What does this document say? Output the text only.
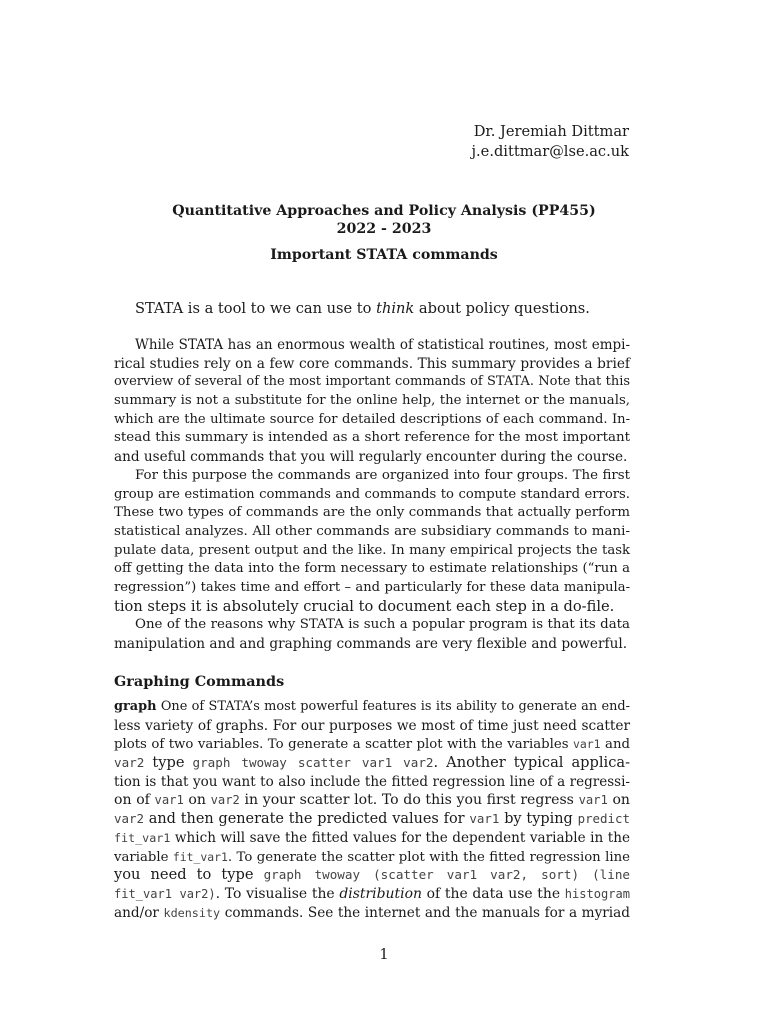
Dr. Jeremiah Dittmar
j.e.dittmar@lse.ac.uk
Quantitative Approaches and Policy Analysis (PP455)
2022 - 2023
Important STATA commands
STATA is a tool to we can use to think about policy questions.
While STATA has an enormous wealth of statistical routines, most empi-
rical studies rely on a few core commands. This summary provides a brief
overview of several of the most important commands of STATA. Note that this
summary is not a substitute for the online help, the internet or the manuals,
which are the ultimate source for detailed descriptions of each command. In-
stead this summary is intended as a short reference for the most important
and useful commands that you will regularly encounter during the course.
For this purpose the commands are organized into four groups. The first
group are estimation commands and commands to compute standard errors.
These two types of commands are the only commands that actually perform
statistical analyzes. All other commands are subsidiary commands to mani-
pulate data, present output and the like. In many empirical projects the task
off getting the data into the form necessary to estimate relationships (“run a
regression”) takes time and effort – and particularly for these data manipula-
tion steps it is absolutely crucial to document each step in a do-file.
One of the reasons why STATA is such a popular program is that its data
manipulation and and graphing commands are very flexible and powerful.
Graphing Commands
graph One of STATA’s most powerful features is its ability to generate an end-
less variety of graphs. For our purposes we most of time just need scatter
plots of two variables. To generate a scatter plot with the variables var1 and
var2 type graph twoway scatter var1 var2. Another typical applica-
tion is that you want to also include the fitted regression line of a regressi-
on of var1 on var2 in your scatter lot. To do this you first regress var1 on
var2 and then generate the predicted values for var1 by typing predict
fit_var1 which will save the fitted values for the dependent variable in the
variable fit_var1. To generate the scatter plot with the fitted regression line
you need to type graph twoway (scatter var1 var2, sort) (line
fit_var1 var2). To visualise the distribution of the data use the histogram
and/or kdensity commands. See the internet and the manuals for a myriad
1
